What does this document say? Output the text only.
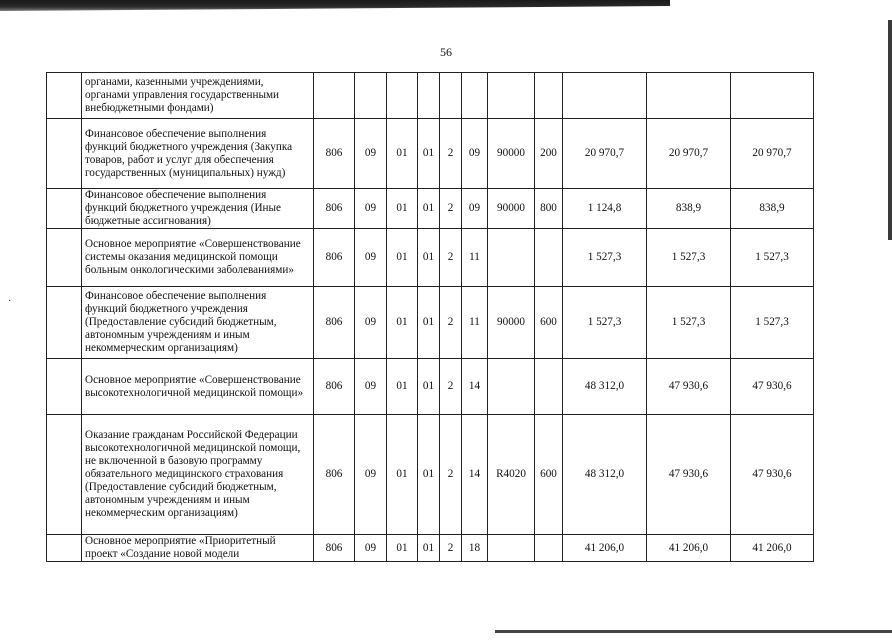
·
56
	органами, казенными учреждениями, органами управления государственными внебюджетными фондами)											
	Финансовое обеспечение выполнения функций бюджетного учреждения (Закупка товаров, работ и услуг для обеспечения государственных (муниципальных) нужд)	806	09	01	01	2	09	90000	200	20 970,7	20 970,7	20 970,7
	Финансовое обеспечение выполнения функций бюджетного учреждения (Иные бюджетные ассигнования)	806	09	01	01	2	09	90000	800	1 124,8	838,9	838,9
	Основное мероприятие «Совершенствование системы оказания медицинской помощи больным онкологическими заболеваниями»	806	09	01	01	2	11			1 527,3	1 527,3	1 527,3
	Финансовое обеспечение выполнения функций бюджетного учреждения (Предоставление субсидий бюджетным, автономным учреждениям и иным некоммерческим организациям)	806	09	01	01	2	11	90000	600	1 527,3	1 527,3	1 527,3
	Основное мероприятие «Совершенствование высокотехнологичной медицинской помощи»	806	09	01	01	2	14			48 312,0	47 930,6	47 930,6
	Оказание гражданам Российской Федерации высокотехнологичной медицинской помощи, не включенной в базовую программу обязательного медицинского страхования (Предоставление субсидий бюджетным, автономным учреждениям и иным некоммерческим организациям)	806	09	01	01	2	14	R4020	600	48 312,0	47 930,6	47 930,6
	Основное мероприятие «Приоритетный проект «Создание новой модели	806	09	01	01	2	18			41 206,0	41 206,0	41 206,0
